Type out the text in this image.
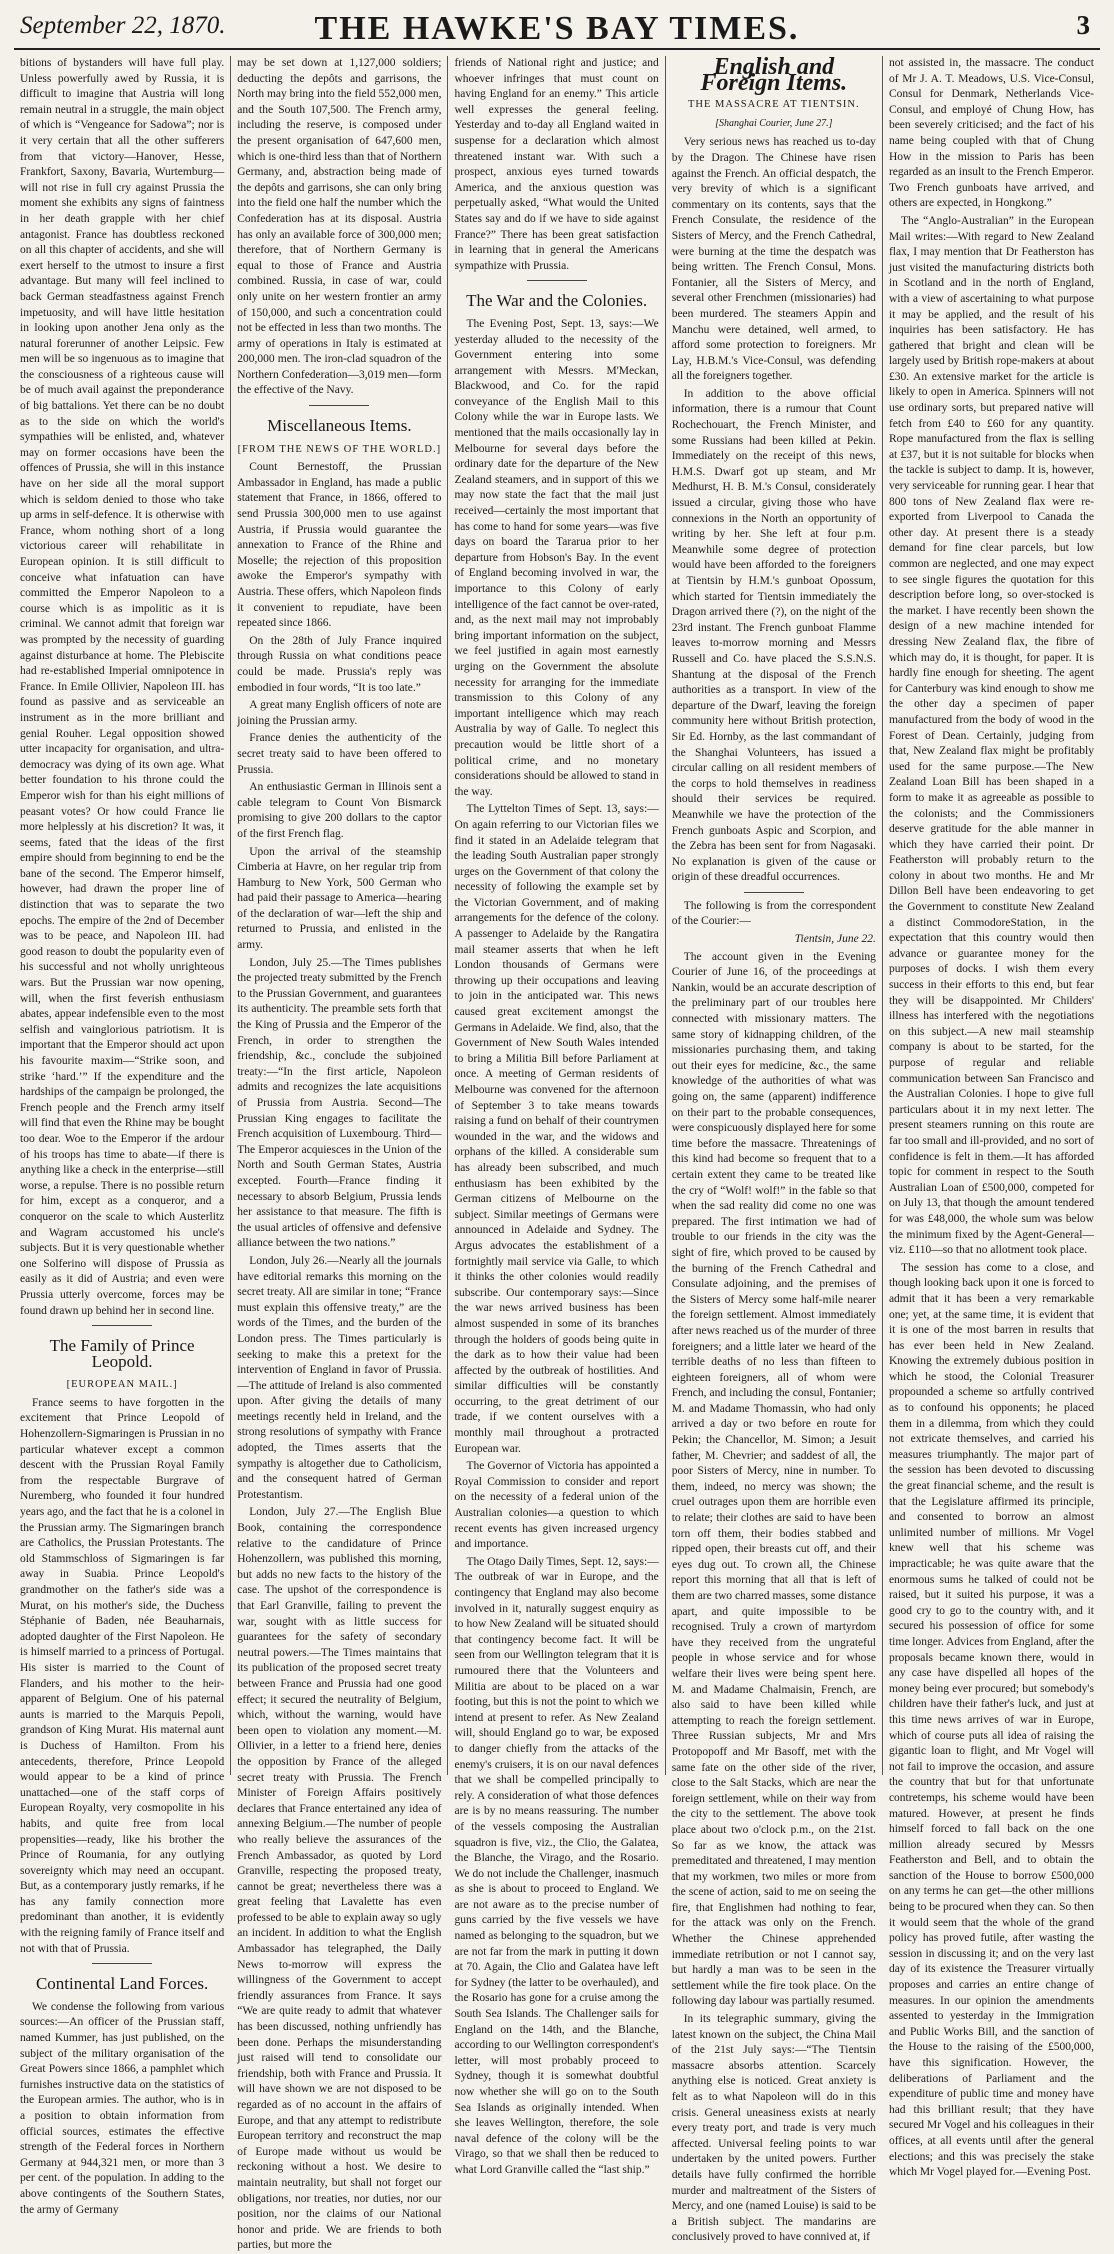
September 22, 1870.	THE HAWKE'S BAY TIMES.	3

bitions of bystanders will have full play. Unless powerfully awed by Russia, it is difficult to imagine that Austria will long remain neutral in a struggle, the main object of which is “Vengeance for Sadowa”; nor is it very certain that all the other sufferers from that victory—Hanover, Hesse, Frankfort, Saxony, Bavaria, Wurtemburg—will not rise in full cry against Prussia the moment she exhibits any signs of faintness in her death grapple with her chief antagonist. France has doubtless reckoned on all this chapter of accidents, and she will exert herself to the utmost to insure a first advantage. But many will feel inclined to back German steadfastness against French impetuosity, and will have little hesitation in looking upon another Jena only as the natural forerunner of another Leipsic. Few men will be so ingenuous as to imagine that the consciousness of a righteous cause will be of much avail against the preponderance of big battalions. Yet there can be no doubt as to the side on which the world's sympathies will be enlisted, and, whatever may on former occasions have been the offences of Prussia, she will in this instance have on her side all the moral support which is seldom denied to those who take up arms in self-defence. It is otherwise with France, whom nothing short of a long victorious career will rehabilitate in European opinion. It is still difficult to conceive what infatuation can have committed the Emperor Napoleon to a course which is as impolitic as it is criminal. We cannot admit that foreign war was prompted by the necessity of guarding against disturbance at home. The Plebiscite had re-established Imperial omnipotence in France. In Emile Ollivier, Napoleon III. has found as passive and as serviceable an instrument as in the more brilliant and genial Rouher. Legal opposition showed utter incapacity for organisation, and ultra-democracy was dying of its own age. What better foundation to his throne could the Emperor wish for than his eight millions of peasant votes? Or how could France lie more helplessly at his discretion? It was, it seems, fated that the ideas of the first empire should from beginning to end be the bane of the second. The Emperor himself, however, had drawn the proper line of distinction that was to separate the two epochs. The empire of the 2nd of December was to be peace, and Napoleon III. had good reason to doubt the popularity even of his successful and not wholly unrighteous wars. But the Prussian war now opening, will, when the first feverish enthusiasm abates, appear indefensible even to the most selfish and vainglorious patriotism. It is important that the Emperor should act upon his favourite maxim—“Strike soon, and strike ‘hard.’” If the expenditure and the hardships of the campaign be prolonged, the French people and the French army itself will find that even the Rhine may be bought too dear. Woe to the Emperor if the ardour of his troops has time to abate—if there is anything like a check in the enterprise—still worse, a repulse. There is no possible return for him, except as a conqueror, and a conqueror on the scale to which Austerlitz and Wagram accustomed his uncle's subjects. But it is very questionable whether one Solferino will dispose of Prussia as easily as it did of Austria; and even were Prussia utterly overcome, forces may be found drawn up behind her in second line.

The Family of Prince Leopold.
[EUROPEAN MAIL.]

France seems to have forgotten in the excitement that Prince Leopold of Hohenzollern-Sigmaringen is Prussian in no particular whatever except a common descent with the Prussian Royal Family from the respectable Burgrave of Nuremberg, who founded it four hundred years ago, and the fact that he is a colonel in the Prussian army. The Sigmaringen branch are Catholics, the Prussian Protestants. The old Stammschloss of Sigmaringen is far away in Suabia. Prince Leopold's grandmother on the father's side was a Murat, on his mother's side, the Duchess Stéphanie of Baden, née Beauharnais, adopted daughter of the First Napoleon. He is himself married to a princess of Portugal. His sister is married to the Count of Flanders, and his mother to the heir-apparent of Belgium. One of his paternal aunts is married to the Marquis Pepoli, grandson of King Murat. His maternal aunt is Duchess of Hamilton. From his antecedents, therefore, Prince Leopold would appear to be a kind of prince unattached—one of the staff corps of European Royalty, very cosmopolite in his habits, and quite free from local propensities—ready, like his brother the Prince of Roumania, for any outlying sovereignty which may need an occupant. But, as a contemporary justly remarks, if he has any family connection more predominant than another, it is evidently with the reigning family of France itself and not with that of Prussia.

Continental Land Forces.

We condense the following from various sources:—An officer of the Prussian staff, named Kummer, has just published, on the subject of the military organisation of the Great Powers since 1866, a pamphlet which furnishes instructive data on the statistics of the European armies. The author, who is in a position to obtain information from official sources, estimates the effective strength of the Federal forces in Northern Germany at 944,321 men, or more than 3 per cent. of the population. In adding to the above contingents of the Southern States, the army of Germany

may be set down at 1,127,000 soldiers; deducting the depôts and garrisons, the North may bring into the field 552,000 men, and the South 107,500. The French army, including the reserve, is composed under the present organisation of 647,600 men, which is one-third less than that of Northern Germany, and, abstraction being made of the depôts and garrisons, she can only bring into the field one half the number which the Confederation has at its disposal. Austria has only an available force of 300,000 men; therefore, that of Northern Germany is equal to those of France and Austria combined. Russia, in case of war, could only unite on her western frontier an army of 150,000, and such a concentration could not be effected in less than two months. The army of operations in Italy is estimated at 200,000 men. The iron-clad squadron of the Northern Confederation—3,019 men—form the effective of the Navy.

Miscellaneous Items.
[FROM THE NEWS OF THE WORLD.]

Count Bernestoff, the Prussian Ambassador in England, has made a public statement that France, in 1866, offered to send Prussia 300,000 men to use against Austria, if Prussia would guarantee the annexation to France of the Rhine and Moselle; the rejection of this proposition awoke the Emperor's sympathy with Austria. These offers, which Napoleon finds it convenient to repudiate, have been repeated since 1866.

On the 28th of July France inquired through Russia on what conditions peace could be made. Prussia's reply was embodied in four words, “It is too late.”

A great many English officers of note are joining the Prussian army.

France denies the authenticity of the secret treaty said to have been offered to Prussia.

An enthusiastic German in Illinois sent a cable telegram to Count Von Bismarck promising to give 200 dollars to the captor of the first French flag.

Upon the arrival of the steamship Cimberia at Havre, on her regular trip from Hamburg to New York, 500 German who had paid their passage to America—hearing of the declaration of war—left the ship and returned to Prussia, and enlisted in the army.

London, July 25.—The Times publishes the projected treaty submitted by the French to the Prussian Government, and guarantees its authenticity. The preamble sets forth that the King of Prussia and the Emperor of the French, in order to strengthen the friendship, &c., conclude the subjoined treaty:—“In the first article, Napoleon admits and recognizes the late acquisitions of Prussia from Austria. Second—The Prussian King engages to facilitate the French acquisition of Luxembourg. Third—The Emperor acquiesces in the Union of the North and South German States, Austria excepted. Fourth—France finding it necessary to absorb Belgium, Prussia lends her assistance to that measure. The fifth is the usual articles of offensive and defensive alliance between the two nations.”

London, July 26.—Nearly all the journals have editorial remarks this morning on the secret treaty. All are similar in tone; “France must explain this offensive treaty,” are the words of the Times, and the burden of the London press. The Times particularly is seeking to make this a pretext for the intervention of England in favor of Prussia.—The attitude of Ireland is also commented upon. After giving the details of many meetings recently held in Ireland, and the strong resolutions of sympathy with France adopted, the Times asserts that the sympathy is altogether due to Catholicism, and the consequent hatred of German Protestantism.

London, July 27.—The English Blue Book, containing the correspondence relative to the candidature of Prince Hohenzollern, was published this morning, but adds no new facts to the history of the case. The upshot of the correspondence is that Earl Granville, failing to prevent the war, sought with as little success for guarantees for the safety of secondary neutral powers.—The Times maintains that its publication of the proposed secret treaty between France and Prussia had one good effect; it secured the neutrality of Belgium, which, without the warning, would have been open to violation any moment.—M. Ollivier, in a letter to a friend here, denies the opposition by France of the alleged secret treaty with Prussia. The French Minister of Foreign Affairs positively declares that France entertained any idea of annexing Belgium.—The number of people who really believe the assurances of the French Ambassador, as quoted by Lord Granville, respecting the proposed treaty, cannot be great; nevertheless there was a great feeling that Lavalette has even professed to be able to explain away so ugly an incident. In addition to what the English Ambassador has telegraphed, the Daily News to-morrow will express the willingness of the Government to accept friendly assurances from France. It says “We are quite ready to admit that whatever has been discussed, nothing unfriendly has been done. Perhaps the misunderstanding just raised will tend to consolidate our friendship, both with France and Prussia. It will have shown we are not disposed to be regarded as of no account in the affairs of Europe, and that any attempt to redistribute European territory and reconstruct the map of Europe made without us would be reckoning without a host. We desire to maintain neutrality, but shall not forget our obligations, nor treaties, nor duties, nor our position, nor the claims of our National honor and pride. We are friends to both parties, but more the

friends of National right and justice; and whoever infringes that must count on having England for an enemy.” This article well expresses the general feeling. Yesterday and to-day all England waited in suspense for a declaration which almost threatened instant war. With such a prospect, anxious eyes turned towards America, and the anxious question was perpetually asked, “What would the United States say and do if we have to side against France?” There has been great satisfaction in learning that in general the Americans sympathize with Prussia.

The War and the Colonies.

The Evening Post, Sept. 13, says:—We yesterday alluded to the necessity of the Government entering into some arrangement with Messrs. M'Meckan, Blackwood, and Co. for the rapid conveyance of the English Mail to this Colony while the war in Europe lasts. We mentioned that the mails occasionally lay in Melbourne for several days before the ordinary date for the departure of the New Zealand steamers, and in support of this we may now state the fact that the mail just received—certainly the most important that has come to hand for some years—was five days on board the Tararua prior to her departure from Hobson's Bay. In the event of England becoming involved in war, the importance to this Colony of early intelligence of the fact cannot be over-rated, and, as the next mail may not improbably bring important information on the subject, we feel justified in again most earnestly urging on the Government the absolute necessity for arranging for the immediate transmission to this Colony of any important intelligence which may reach Australia by way of Galle. To neglect this precaution would be little short of a political crime, and no monetary considerations should be allowed to stand in the way.

The Lyttelton Times of Sept. 13, says:—On again referring to our Victorian files we find it stated in an Adelaide telegram that the leading South Australian paper strongly urges on the Government of that colony the necessity of following the example set by the Victorian Government, and of making arrangements for the defence of the colony. A passenger to Adelaide by the Rangatira mail steamer asserts that when he left London thousands of Germans were throwing up their occupations and leaving to join in the anticipated war. This news caused great excitement amongst the Germans in Adelaide. We find, also, that the Government of New South Wales intended to bring a Militia Bill before Parliament at once. A meeting of German residents of Melbourne was convened for the afternoon of September 3 to take means towards raising a fund on behalf of their countrymen wounded in the war, and the widows and orphans of the killed. A considerable sum has already been subscribed, and much enthusiasm has been exhibited by the German citizens of Melbourne on the subject. Similar meetings of Germans were announced in Adelaide and Sydney. The Argus advocates the establishment of a fortnightly mail service via Galle, to which it thinks the other colonies would readily subscribe. Our contemporary says:—Since the war news arrived business has been almost suspended in some of its branches through the holders of goods being quite in the dark as to how their value had been affected by the outbreak of hostilities. And similar difficulties will be constantly occurring, to the great detriment of our trade, if we content ourselves with a monthly mail throughout a protracted European war.

The Governor of Victoria has appointed a Royal Commission to consider and report on the necessity of a federal union of the Australian colonies—a question to which recent events has given increased urgency and importance.

The Otago Daily Times, Sept. 12, says:—The outbreak of war in Europe, and the contingency that England may also become involved in it, naturally suggest enquiry as to how New Zealand will be situated should that contingency become fact. It will be seen from our Wellington telegram that it is rumoured there that the Volunteers and Militia are about to be placed on a war footing, but this is not the point to which we intend at present to refer. As New Zealand will, should England go to war, be exposed to danger chiefly from the attacks of the enemy's cruisers, it is on our naval defences that we shall be compelled principally to rely. A consideration of what those defences are is by no means reassuring. The number of the vessels composing the Australian squadron is five, viz., the Clio, the Galatea, the Blanche, the Virago, and the Rosario. We do not include the Challenger, inasmuch as she is about to proceed to England. We are not aware as to the precise number of guns carried by the five vessels we have named as belonging to the squadron, but we are not far from the mark in putting it down at 70. Again, the Clio and Galatea have left for Sydney (the latter to be overhauled), and the Rosario has gone for a cruise among the South Sea Islands. The Challenger sails for England on the 14th, and the Blanche, according to our Wellington correspondent's letter, will most probably proceed to Sydney, though it is somewhat doubtful now whether she will go on to the South Sea Islands as originally intended. When she leaves Wellington, therefore, the sole naval defence of the colony will be the Virago, so that we shall then be reduced to what Lord Granville called the “last ship.”

English and Foreign Items.
THE MASSACRE AT TIENTSIN.
[Shanghai Courier, June 27.]

Very serious news has reached us to-day by the Dragon. The Chinese have risen against the French. An official despatch, the very brevity of which is a significant commentary on its contents, says that the French Consulate, the residence of the Sisters of Mercy, and the French Cathedral, were burning at the time the despatch was being written. The French Consul, Mons. Fontanier, all the Sisters of Mercy, and several other Frenchmen (missionaries) had been murdered. The steamers Appin and Manchu were detained, well armed, to afford some protection to foreigners. Mr Lay, H.B.M.'s Vice-Consul, was defending all the foreigners together.

In addition to the above official information, there is a rumour that Count Rochechouart, the French Minister, and some Russians had been killed at Pekin. Immediately on the receipt of this news, H.M.S. Dwarf got up steam, and Mr Medhurst, H. B. M.'s Consul, considerately issued a circular, giving those who have connexions in the North an opportunity of writing by her. She left at four p.m. Meanwhile some degree of protection would have been afforded to the foreigners at Tientsin by H.M.'s gunboat Opossum, which started for Tientsin immediately the Dragon arrived there (?), on the night of the 23rd instant. The French gunboat Flamme leaves to-morrow morning and Messrs Russell and Co. have placed the S.S.N.S. Shantung at the disposal of the French authorities as a transport. In view of the departure of the Dwarf, leaving the foreign community here without British protection, Sir Ed. Hornby, as the last commandant of the Shanghai Volunteers, has issued a circular calling on all resident members of the corps to hold themselves in readiness should their services be required. Meanwhile we have the protection of the French gunboats Aspic and Scorpion, and the Zebra has been sent for from Nagasaki. No explanation is given of the cause or origin of these dreadful occurrences.

The following is from the correspondent of the Courier:—

Tientsin, June 22.

The account given in the Evening Courier of June 16, of the proceedings at Nankin, would be an accurate description of the preliminary part of our troubles here connected with missionary matters. The same story of kidnapping children, of the missionaries purchasing them, and taking out their eyes for medicine, &c., the same knowledge of the authorities of what was going on, the same (apparent) indifference on their part to the probable consequences, were conspicuously displayed here for some time before the massacre. Threatenings of this kind had become so frequent that to a certain extent they came to be treated like the cry of “Wolf! wolf!” in the fable so that when the sad reality did come no one was prepared. The first intimation we had of trouble to our friends in the city was the sight of fire, which proved to be caused by the burning of the French Cathedral and Consulate adjoining, and the premises of the Sisters of Mercy some half-mile nearer the foreign settlement. Almost immediately after news reached us of the murder of three foreigners; and a little later we heard of the terrible deaths of no less than fifteen to eighteen foreigners, all of whom were French, and including the consul, Fontanier; M. and Madame Thomassin, who had only arrived a day or two before en route for Pekin; the Chancellor, M. Simon; a Jesuit father, M. Chevrier; and saddest of all, the poor Sisters of Mercy, nine in number. To them, indeed, no mercy was shown; the cruel outrages upon them are horrible even to relate; their clothes are said to have been torn off them, their bodies stabbed and ripped open, their breasts cut off, and their eyes dug out. To crown all, the Chinese report this morning that all that is left of them are two charred masses, some distance apart, and quite impossible to be recognised. Truly a crown of martyrdom have they received from the ungrateful people in whose service and for whose welfare their lives were being spent here. M. and Madame Chalmaisin, French, are also said to have been killed while attempting to reach the foreign settlement. Three Russian subjects, Mr and Mrs Protopopoff and Mr Basoff, met with the same fate on the other side of the river, close to the Salt Stacks, which are near the foreign settlement, while on their way from the city to the settlement. The above took place about two o'clock p.m., on the 21st. So far as we know, the attack was premeditated and threatened, I may mention that my workmen, two miles or more from the scene of action, said to me on seeing the fire, that Englishmen had nothing to fear, for the attack was only on the French. Whether the Chinese apprehended immediate retribution or not I cannot say, but hardly a man was to be seen in the settlement while the fire took place. On the following day labour was partially resumed.

In its telegraphic summary, giving the latest known on the subject, the China Mail of the 21st July says:—“The Tientsin massacre absorbs attention. Scarcely anything else is noticed. Great anxiety is felt as to what Napoleon will do in this crisis. General uneasiness exists at nearly every treaty port, and trade is very much affected. Universal feeling points to war undertaken by the united powers. Further details have fully confirmed the horrible murder and maltreatment of the Sisters of Mercy, and one (named Louise) is said to be a British subject. The mandarins are conclusively proved to have connived at, if

not assisted in, the massacre. The conduct of Mr J. A. T. Meadows, U.S. Vice-Consul, Consul for Denmark, Netherlands Vice-Consul, and employé of Chung How, has been severely criticised; and the fact of his name being coupled with that of Chung How in the mission to Paris has been regarded as an insult to the French Emperor. Two French gunboats have arrived, and others are expected, in Hongkong.”

The “Anglo-Australian” in the European Mail writes:—With regard to New Zealand flax, I may mention that Dr Featherston has just visited the manufacturing districts both in Scotland and in the north of England, with a view of ascertaining to what purpose it may be applied, and the result of his inquiries has been satisfactory. He has gathered that bright and clean will be largely used by British rope-makers at about £30. An extensive market for the article is likely to open in America. Spinners will not use ordinary sorts, but prepared native will fetch from £40 to £60 for any quantity. Rope manufactured from the flax is selling at £37, but it is not suitable for blocks when the tackle is subject to damp. It is, however, very serviceable for running gear. I hear that 800 tons of New Zealand flax were re-exported from Liverpool to Canada the other day. At present there is a steady demand for fine clear parcels, but low common are neglected, and one may expect to see single figures the quotation for this description before long, so over-stocked is the market. I have recently been shown the design of a new machine intended for dressing New Zealand flax, the fibre of which may do, it is thought, for paper. It is hardly fine enough for sheeting. The agent for Canterbury was kind enough to show me the other day a specimen of paper manufactured from the body of wood in the Forest of Dean. Certainly, judging from that, New Zealand flax might be profitably used for the same purpose.—The New Zealand Loan Bill has been shaped in a form to make it as agreeable as possible to the colonists; and the Commissioners deserve gratitude for the able manner in which they have carried their point. Dr Featherston will probably return to the colony in about two months. He and Mr Dillon Bell have been endeavoring to get the Government to constitute New Zealand a distinct CommodoreStation, in the expectation that this country would then advance or guarantee money for the purposes of docks. I wish them every success in their efforts to this end, but fear they will be disappointed. Mr Childers' illness has interfered with the negotiations on this subject.—A new mail steamship company is about to be started, for the purpose of regular and reliable communication between San Francisco and the Australian Colonies. I hope to give full particulars about it in my next letter. The present steamers running on this route are far too small and ill-provided, and no sort of confidence is felt in them.—It has afforded topic for comment in respect to the South Australian Loan of £500,000, competed for on July 13, that though the amount tendered for was £48,000, the whole sum was below the minimum fixed by the Agent-General—viz. £110—so that no allotment took place.

The session has come to a close, and though looking back upon it one is forced to admit that it has been a very remarkable one; yet, at the same time, it is evident that it is one of the most barren in results that has ever been held in New Zealand. Knowing the extremely dubious position in which he stood, the Colonial Treasurer propounded a scheme so artfully contrived as to confound his opponents; he placed them in a dilemma, from which they could not extricate themselves, and carried his measures triumphantly. The major part of the session has been devoted to discussing the great financial scheme, and the result is that the Legislature affirmed its principle, and consented to borrow an almost unlimited number of millions. Mr Vogel knew well that his scheme was impracticable; he was quite aware that the enormous sums he talked of could not be raised, but it suited his purpose, it was a good cry to go to the country with, and it secured his possession of office for some time longer. Advices from England, after the proposals became known there, would in any case have dispelled all hopes of the money being ever procured; but somebody's children have their father's luck, and just at this time news arrives of war in Europe, which of course puts all idea of raising the gigantic loan to flight, and Mr Vogel will not fail to improve the occasion, and assure the country that but for that unfortunate contretemps, his scheme would have been matured. However, at present he finds himself forced to fall back on the one million already secured by Messrs Featherston and Bell, and to obtain the sanction of the House to borrow £500,000 on any terms he can get—the other millions being to be procured when they can. So then it would seem that the whole of the grand policy has proved futile, after wasting the session in discussing it; and on the very last day of its existence the Treasurer virtually proposes and carries an entire change of measures. In our opinion the amendments assented to yesterday in the Immigration and Public Works Bill, and the sanction of the House to the raising of the £500,000, have this signification. However, the deliberations of Parliament and the expenditure of public time and money have had this brilliant result; that they have secured Mr Vogel and his colleagues in their offices, at all events until after the general elections; and this was precisely the stake which Mr Vogel played for.—Evening Post.
